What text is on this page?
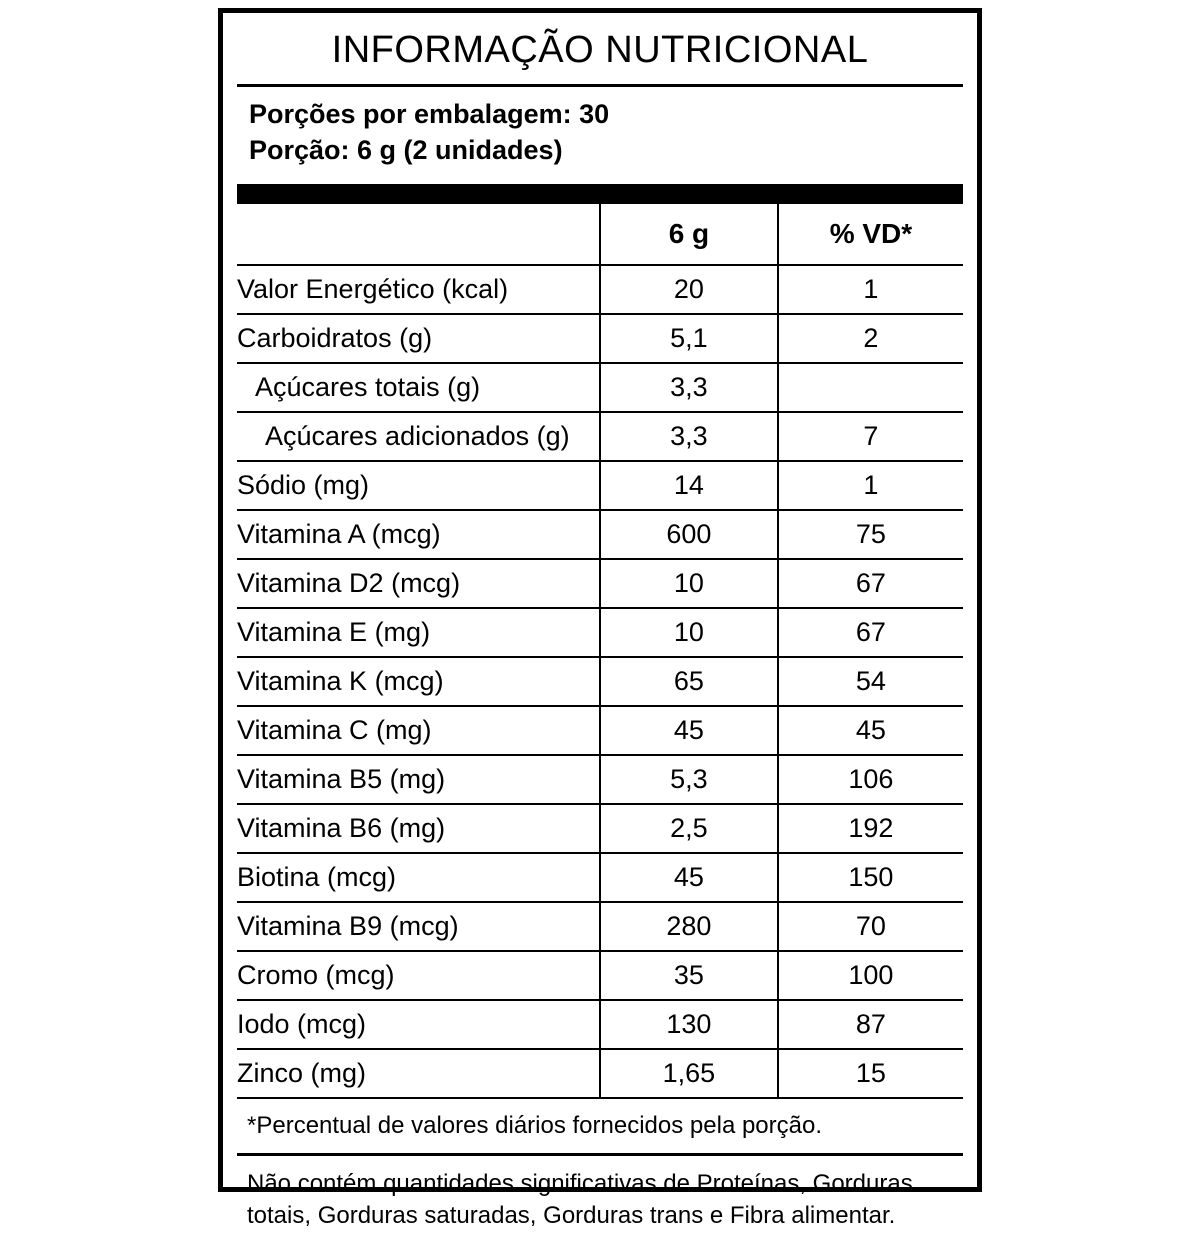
INFORMAÇÃO NUTRICIONAL
Porções por embalagem: 30
Porção: 6 g (2 unidades)
	6 g	% VD*
Valor Energético (kcal)	20	1
Carboidratos (g)	5,1	2
Açúcares totais (g)	3,3	
Açúcares adicionados (g)	3,3	7
Sódio (mg)	14	1
Vitamina A (mcg)	600	75
Vitamina D2 (mcg)	10	67
Vitamina E (mg)	10	67
Vitamina K (mcg)	65	54
Vitamina C (mg)	45	45
Vitamina B5 (mg)	5,3	106
Vitamina B6 (mg)	2,5	192
Biotina (mcg)	45	150
Vitamina B9 (mcg)	280	70
Cromo (mcg)	35	100
Iodo (mcg)	130	87
Zinco (mg)	1,65	15
*Percentual de valores diários fornecidos pela porção.
Não contém quantidades significativas de Proteínas, Gorduras totais, Gorduras saturadas, Gorduras trans e Fibra alimentar.
